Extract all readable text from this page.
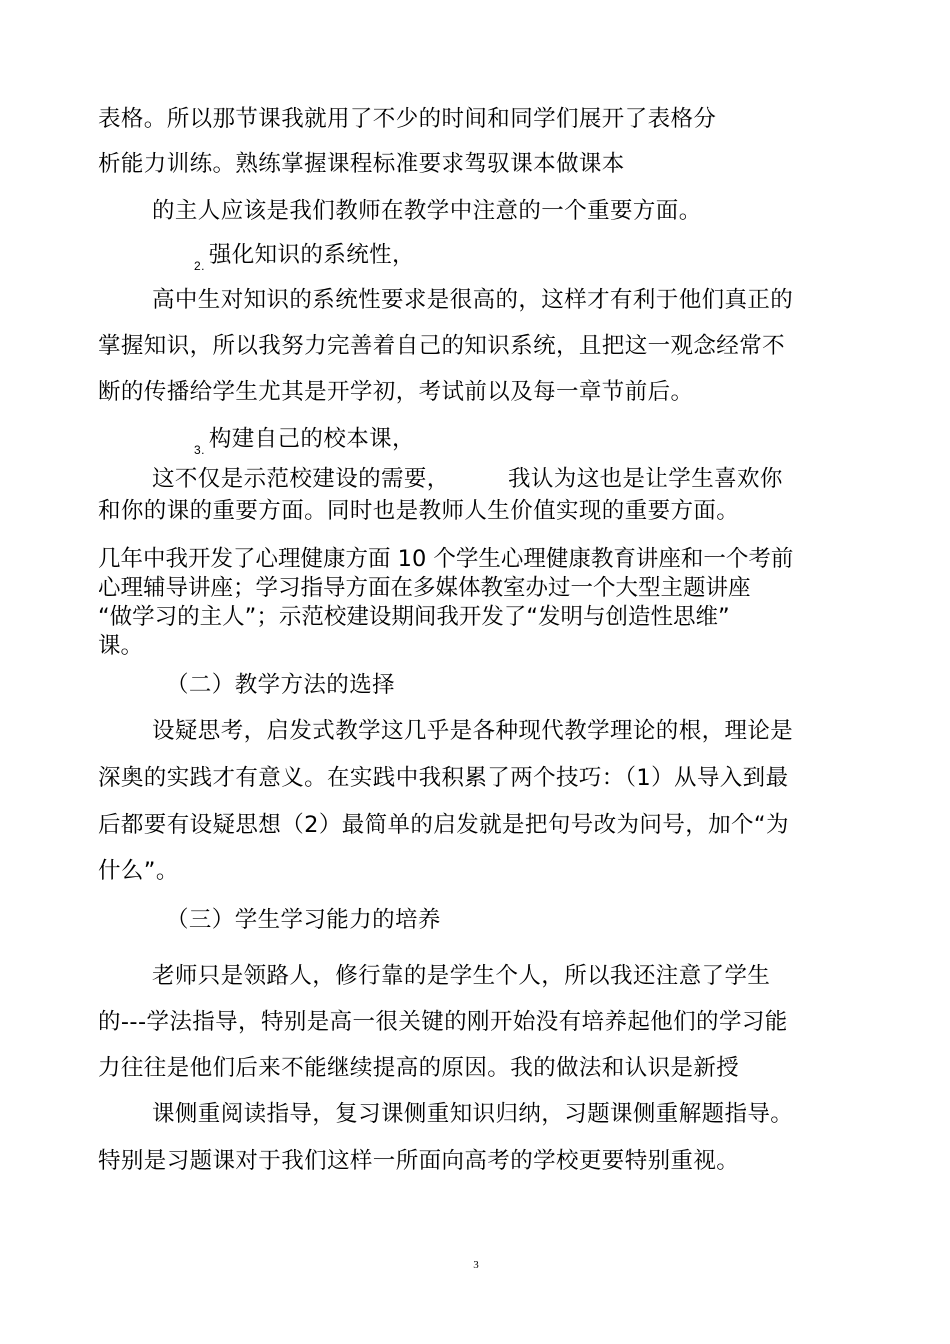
表格。所以那节课我就用了不少的时间和同学们展开了表格分
析能力训练。熟练掌握课程标准要求驾驭课本做课本
的主人应该是我们教师在教学中注意的一个重要方面。
$_{2.}$ 强化知识的系统性，
高中生对知识的系统性要求是很高的，这样才有利于他们真正的
掌握知识，所以我努力完善着自己的知识系统，且把这一观念经常不
断的传播给学生尤其是开学初，考试前以及每一章节前后。
$_{3.}$ 构建自己的校本课，
这不仅是示范校建设的需要，	我认为这也是让学生喜欢你
和你的课的重要方面。同时也是教师人生价值实现的重要方面。
几年中我开发了心理健康方面 10 个学生心理健康教育讲座和一个考前
心理辅导讲座；学习指导方面在多媒体教室办过一个大型主题讲座
“做学习的主人”；示范校建设期间我开发了“发明与创造性思维”
课。
（二）教学方法的选择
设疑思考，启发式教学这几乎是各种现代教学理论的根，理论是
深奥的实践才有意义。在实践中我积累了两个技巧：（1）从导入到最
后都要有设疑思想（2）最简单的启发就是把句号改为问号，加个“为
什么”。
（三）学生学习能力的培养
老师只是领路人，修行靠的是学生个人，所以我还注意了学生
的---学法指导，特别是高一很关键的刚开始没有培养起他们的学习能
力往往是他们后来不能继续提高的原因。我的做法和认识是新授
课侧重阅读指导，复习课侧重知识归纳，习题课侧重解题指导。
特别是习题课对于我们这样一所面向高考的学校更要特别重视。
3
